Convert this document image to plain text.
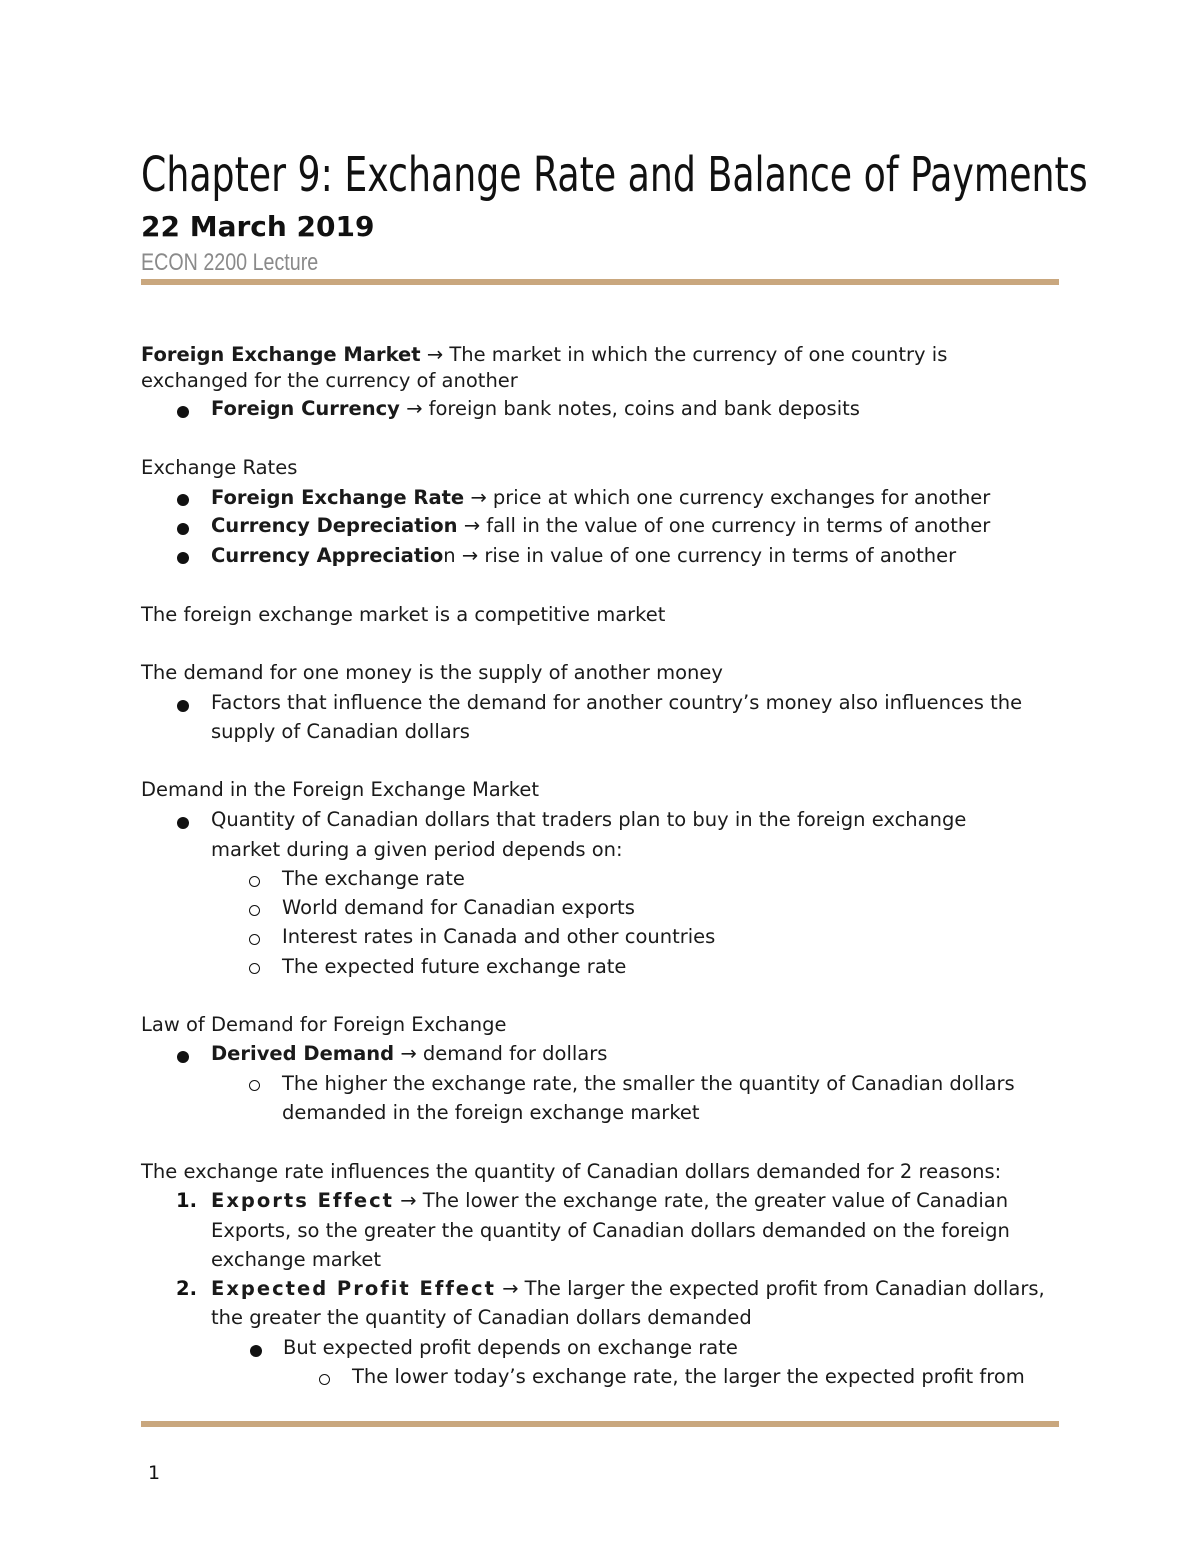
Chapter 9: Exchange Rate and Balance of Payments

22 March 2019

ECON 2200 Lecture

Foreign Exchange Market → The market in which the currency of one country is

exchanged for the currency of another

Foreign Currency → foreign bank notes, coins and bank deposits

Exchange Rates

Foreign Exchange Rate → price at which one currency exchanges for another

Currency Depreciation → fall in the value of one currency in terms of another

Currency Appreciation → rise in value of one currency in terms of another

The foreign exchange market is a competitive market

The demand for one money is the supply of another money

Factors that influence the demand for another country’s money also influences the

supply of Canadian dollars

Demand in the Foreign Exchange Market

Quantity of Canadian dollars that traders plan to buy in the foreign exchange

market during a given period depends on:

The exchange rate

World demand for Canadian exports

Interest rates in Canada and other countries

The expected future exchange rate

Law of Demand for Foreign Exchange

Derived Demand → demand for dollars

The higher the exchange rate, the smaller the quantity of Canadian dollars

demanded in the foreign exchange market

The exchange rate influences the quantity of Canadian dollars demanded for 2 reasons:

1. Exports Effect → The lower the exchange rate, the greater value of Canadian

Exports, so the greater the quantity of Canadian dollars demanded on the foreign

exchange market

2. Expected Profit Effect → The larger the expected profit from Canadian dollars,

the greater the quantity of Canadian dollars demanded

But expected profit depends on exchange rate

The lower today’s exchange rate, the larger the expected profit from

1
